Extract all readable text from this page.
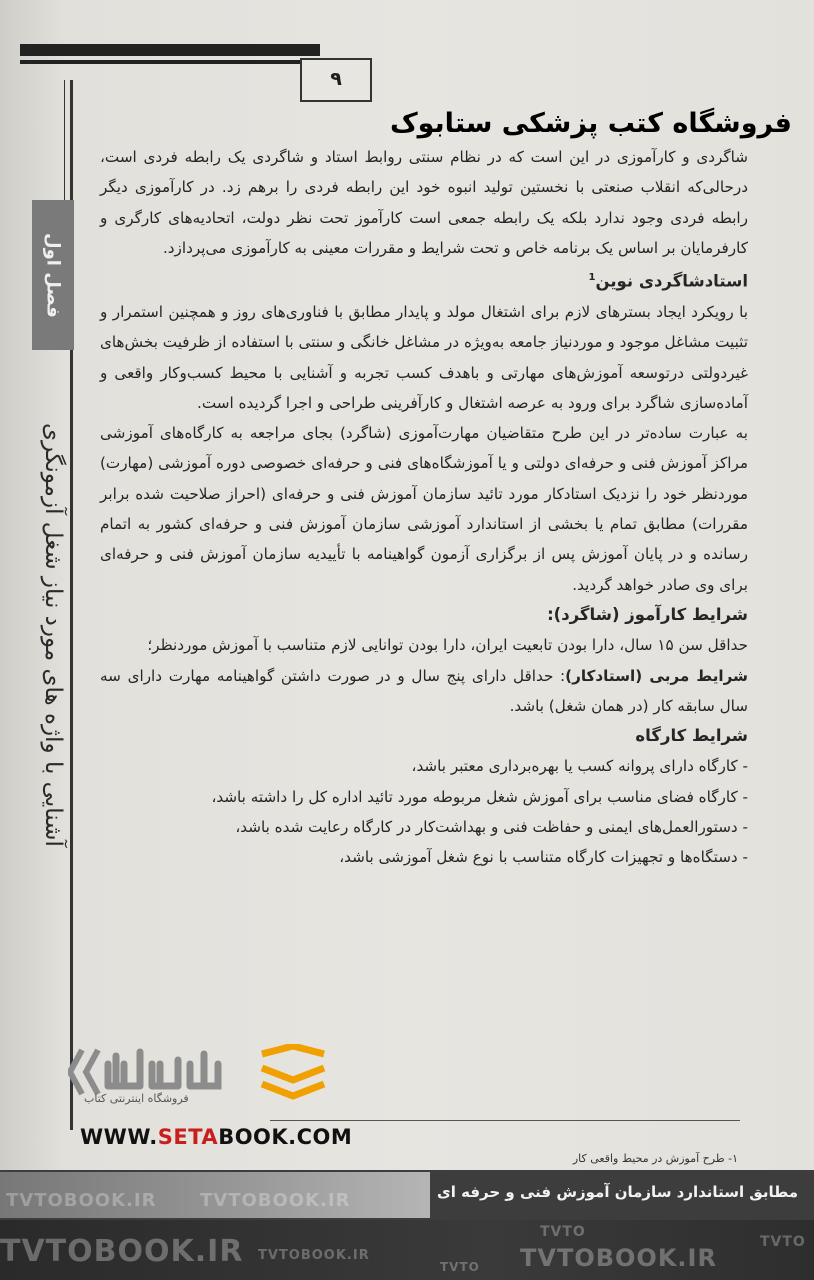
۹
فروشگاه کتب پزشکی ستابوک
فصل اول
آشنایی با واژه های مورد نیاز شغل آزمونگری

شاگردی و کارآموزی در این است که در نظام سنتی روابط استاد و شاگردی یک رابطه فردی است، درحالی‌که انقلاب صنعتی با نخستین تولید انبوه خود این رابطه فردی را برهم زد. در کارآموزی دیگر رابطه فردی وجود ندارد بلکه یک رابطه جمعی است کارآموز تحت نظر دولت، اتحادیه‌های کارگری و کارفرمایان بر اساس یک برنامه خاص و تحت شرایط و مقررات معینی به کارآموزی می‌پردازد.

استادشاگردی نوین$^1$

با رویکرد ایجاد بسترهای لازم برای اشتغال مولد و پایدار مطابق با فناوری‌های روز و همچنین استمرار و تثبیت مشاغل موجود و موردنیاز جامعه به‌ویژه در مشاغل خانگی و سنتی با استفاده از ظرفیت بخش‌های غیردولتی درتوسعه آموزش‌های مهارتی و باهدف کسب تجربه و آشنایی با محیط کسب‌وکار واقعی و آماده‌سازی شاگرد برای ورود به عرصه اشتغال و کارآفرینی طراحی و اجرا گردیده است.

به عبارت ساده‌تر در این طرح متقاضیان مهارت‌آموزی (شاگرد) بجای مراجعه به کارگاه‌های آموزشی مراکز آموزش فنی و حرفه‌ای دولتی و یا آموزشگاه‌های فنی و حرفه‌ای خصوصی دوره آموزشی (مهارت) موردنظر خود را نزدیک استادکار مورد تائید سازمان آموزش فنی و حرفه‌ای (احراز صلاحیت شده برابر مقررات) مطابق تمام یا بخشی از استاندارد آموزشی سازمان آموزش فنی و حرفه‌ای کشور به اتمام رسانده و در پایان آموزش پس از برگزاری آزمون گواهینامه با تأییدیه سازمان آموزش فنی و حرفه‌ای برای وی صادر خواهد گردید.

شرایط کارآموز (شاگرد):

حداقل سن ۱۵ سال، دارا بودن تابعیت ایران، دارا بودن توانایی لازم متناسب با آموزش موردنظر؛

شرایط مربی (استادکار): حداقل دارای پنج سال و در صورت داشتن گواهینامه مهارت دارای سه سال سابقه کار (در همان شغل) باشد.

شرایط کارگاه

- کارگاه دارای پروانه کسب یا بهره‌برداری معتبر باشد،
- کارگاه فضای مناسب برای آموزش شغل مربوطه مورد تائید اداره کل را داشته باشد،
- دستورالعمل‌های ایمنی و حفاظت فنی و بهداشت‌کار در کارگاه رعایت شده باشد،
- دستگاه‌ها و تجهیزات کارگاه متناسب با نوع شغل آموزشی باشد،
فروشگاه اینترنتی کتاب
WWW.SETABOOK.COM
۱- طرح آموزش در محیط واقعی کار
مطابق استاندارد سازمان آموزش فنی و حرفه ای
TVTOBOOK.IR TVTOBOOK.IR
TVTO
TVTOBOOK.IR	TVTO
TVTOBOOK.IR	TVTOBOOK.IR
TVTO
